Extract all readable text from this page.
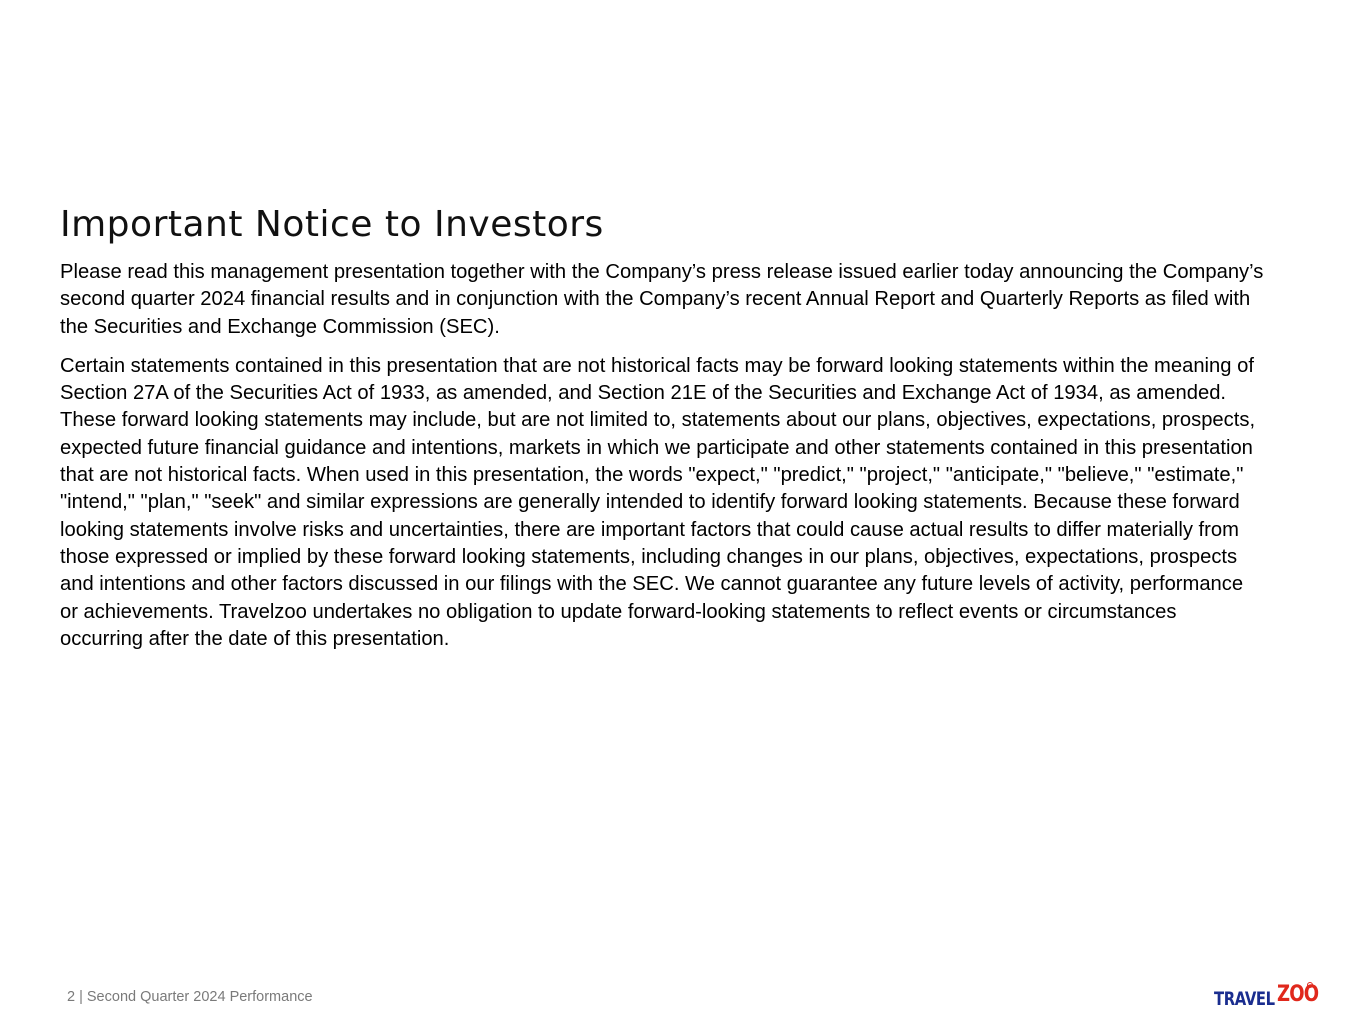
Important Notice to Investors

Please read this management presentation together with the Company’s press release issued earlier today announcing the Company’s second quarter 2024 financial results and in conjunction with the Company’s recent Annual Report and Quarterly Reports as filed with the Securities and Exchange Commission (SEC).

Certain statements contained in this presentation that are not historical facts may be forward looking statements within the meaning of Section 27A of the Securities Act of 1933, as amended, and Section 21E of the Securities and Exchange Act of 1934, as amended. These forward looking statements may include, but are not limited to, statements about our plans, objectives, expectations, prospects, expected future financial guidance and intentions, markets in which we participate and other statements contained in this presentation that are not historical facts. When used in this presentation, the words "expect," "predict," "project," "anticipate," "believe," "estimate," "intend," "plan," "seek" and similar expressions are generally intended to identify forward looking statements. Because these forward looking statements involve risks and uncertainties, there are important factors that could cause actual results to differ materially from those expressed or implied by these forward looking statements, including changes in our plans, objectives, expectations, prospects and intentions and other factors discussed in our filings with the SEC. We cannot guarantee any future levels of activity, performance or achievements. Travelzoo undertakes no obligation to update forward-looking statements to reflect events or circumstances occurring after the date of this presentation.

2 | Second Quarter 2024 Performance	TRAVEL ZOO
